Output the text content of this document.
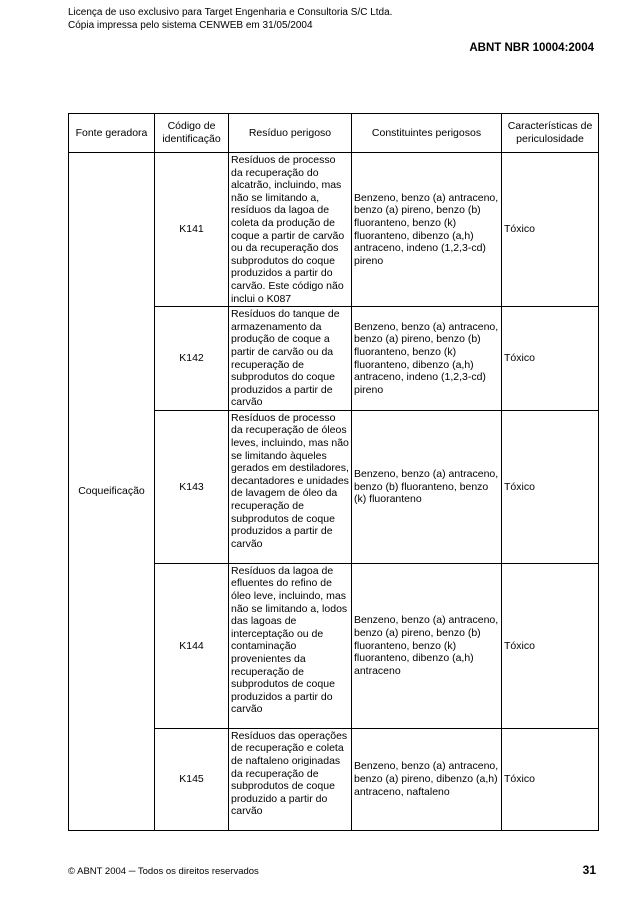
Licença de uso exclusivo para Target Engenharia e Consultoria S/C Ltda.
Cópia impressa pelo sistema CENWEB em 31/05/2004
ABNT NBR 10004:2004
Fonte geradora	Código de identificação	Resíduo perigoso	Constituintes perigosos	Características de periculosidade
Coqueificação	K141	Resíduos de processo da recuperação do alcatrão, incluindo, mas não se limitando a, resíduos da lagoa de coleta da produção de coque a partir de carvão ou da recuperação dos subprodutos do coque produzidos a partir do carvão. Este código não inclui o K087	Benzeno, benzo (a) antraceno, benzo (a) pireno, benzo (b) fluoranteno, benzo (k) fluoranteno, dibenzo (a,h) antraceno, indeno (1,2,3-cd) pireno	Tóxico
	K142	Resíduos do tanque de armazenamento da produção de coque a partir de carvão ou da recuperação de subprodutos do coque produzidos a partir de carvão	Benzeno, benzo (a) antraceno, benzo (a) pireno, benzo (b) fluoranteno, benzo (k) fluoranteno, dibenzo (a,h) antraceno, indeno (1,2,3-cd) pireno	Tóxico
	K143	Resíduos de processo da recuperação de óleos leves, incluindo, mas não se limitando àqueles gerados em destiladores, decantadores e unidades de lavagem de óleo da recuperação de subprodutos de coque produzidos a partir de carvão	Benzeno, benzo (a) antraceno, benzo (b) fluoranteno, benzo (k) fluoranteno	Tóxico
	K144	Resíduos da lagoa de efluentes do refino de óleo leve, incluindo, mas não se limitando a, lodos das lagoas de interceptação ou de contaminação provenientes da recuperação de subprodutos de coque produzidos a partir do carvão	Benzeno, benzo (a) antraceno, benzo (a) pireno, benzo (b) fluoranteno, benzo (k) fluoranteno, dibenzo (a,h) antraceno	Tóxico
	K145	Resíduos das operações de recuperação e coleta de naftaleno originadas da recuperação de subprodutos de coque produzido a partir do carvão	Benzeno, benzo (a) antraceno, benzo (a) pireno, dibenzo (a,h) antraceno, naftaleno	Tóxico
© ABNT 2004 ─ Todos os direitos reservados	31
